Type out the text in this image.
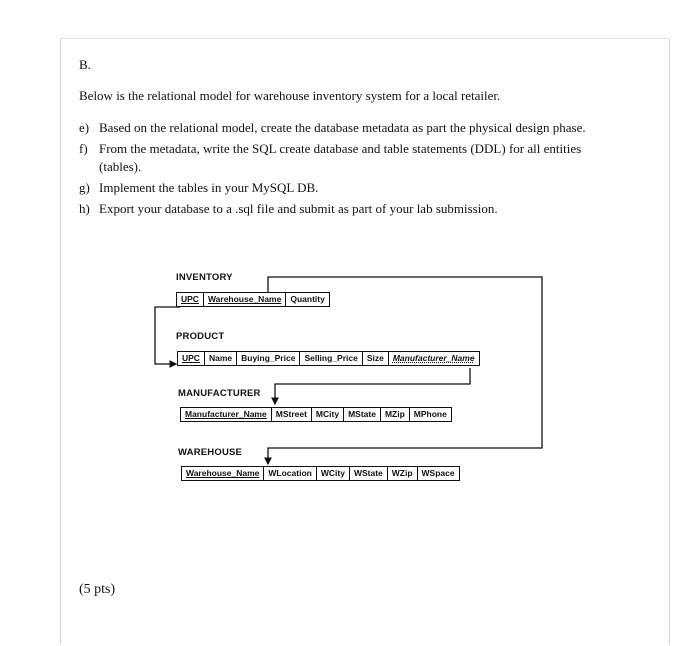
B.
Below is the relational model for warehouse inventory system for a local retailer.
e) Based on the relational model, create the database metadata as part the physical design phase.
f) From the metadata, write the SQL create database and table statements (DDL) for all entities (tables).
g) Implement the tables in your MySQL DB.
h) Export your database to a .sql file and submit as part of your lab submission.
INVENTORY
UPC	Warehouse_Name	Quantity
PRODUCT
UPC	Name	Buying_Price	Selling_Price	Size	Manufacturer_Name
MANUFACTURER
Manufacturer_Name	MStreet	MCity	MState	MZip	MPhone
WAREHOUSE
Warehouse_Name	WLocation	WCity	WState	WZip	WSpace
(5 pts)
